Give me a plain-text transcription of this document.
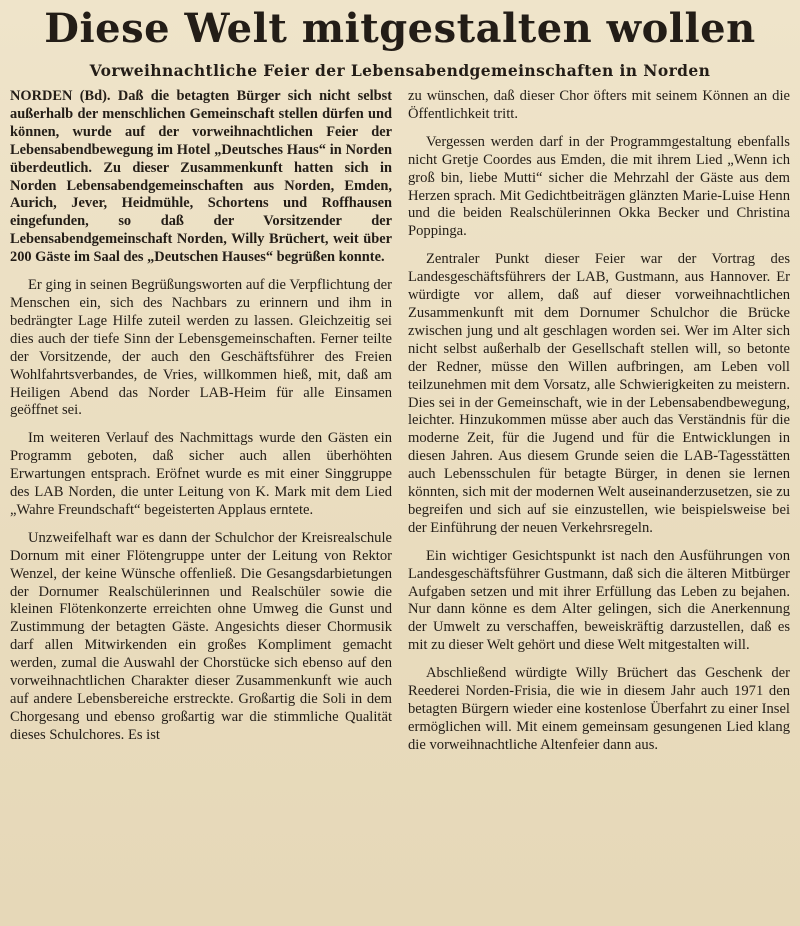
Diese Welt mitgestalten wollen
Vorweihnachtliche Feier der Lebensabendgemeinschaften in Norden

NORDEN (Bd). Daß die betagten Bürger sich nicht selbst außerhalb der menschlichen Gemeinschaft stellen dürfen und können, wurde auf der vorweihnachtlichen Feier der Lebensabendbewegung im Hotel „Deutsches Haus“ in Norden überdeutlich. Zu dieser Zusammenkunft hatten sich in Norden Lebensabendgemeinschaften aus Norden, Emden, Aurich, Jever, Heidmühle, Schortens und Roffhausen eingefunden, so daß der Vorsitzender der Lebensabendgemeinschaft Norden, Willy Brüchert, weit über 200 Gäste im Saal des „Deutschen Hauses“ begrüßen konnte.

Er ging in seinen Begrüßungsworten auf die Verpflichtung der Menschen ein, sich des Nachbars zu erinnern und ihm in bedrängter Lage Hilfe zuteil werden zu lassen. Gleichzeitig sei dies auch der tiefe Sinn der Lebensgemeinschaften. Ferner teilte der Vorsitzende, der auch den Geschäftsführer des Freien Wohlfahrtsverbandes, de Vries, willkommen hieß, mit, daß am Heiligen Abend das Norder LAB-Heim für alle Einsamen geöffnet sei.

Im weiteren Verlauf des Nachmittags wurde den Gästen ein Programm geboten, daß sicher auch allen überhöhten Erwartungen entsprach. Eröfnet wurde es mit einer Singgruppe des LAB Norden, die unter Leitung von K. Mark mit dem Lied „Wahre Freundschaft“ begeisterten Applaus erntete.

Unzweifelhaft war es dann der Schulchor der Kreisrealschule Dornum mit einer Flötengruppe unter der Leitung von Rektor Wenzel, der keine Wünsche offenließ. Die Gesangsdarbietungen der Dornumer Realschülerinnen und Realschüler sowie die kleinen Flötenkonzerte erreichten ohne Umweg die Gunst und Zustimmung der betagten Gäste. Angesichts dieser Chormusik darf allen Mitwirkenden ein großes Kompliment gemacht werden, zumal die Auswahl der Chorstücke sich ebenso auf den vorweihnachtlichen Charakter dieser Zusammenkunft wie auch auf andere Lebensbereiche erstreckte. Großartig die Soli in dem Chorgesang und ebenso großartig war die stimmliche Qualität dieses Schulchores. Es ist

zu wünschen, daß dieser Chor öfters mit seinem Können an die Öffentlichkeit tritt.

Vergessen werden darf in der Programmgestaltung ebenfalls nicht Gretje Coordes aus Emden, die mit ihrem Lied „Wenn ich groß bin, liebe Mutti“ sicher die Mehrzahl der Gäste aus dem Herzen sprach. Mit Gedichtbeiträgen glänzten Marie-Luise Henn und die beiden Realschülerinnen Okka Becker und Christina Poppinga.

Zentraler Punkt dieser Feier war der Vortrag des Landesgeschäftsführers der LAB, Gustmann, aus Hannover. Er würdigte vor allem, daß auf dieser vorweihnachtlichen Zusammenkunft mit dem Dornumer Schulchor die Brücke zwischen jung und alt geschlagen worden sei. Wer im Alter sich nicht selbst außerhalb der Gesellschaft stellen will, so betonte der Redner, müsse den Willen aufbringen, am Leben voll teilzunehmen mit dem Vorsatz, alle Schwierigkeiten zu meistern. Dies sei in der Gemeinschaft, wie in der Lebensabendbewegung, leichter. Hinzukommen müsse aber auch das Verständnis für die moderne Zeit, für die Jugend und für die Entwicklungen in diesen Jahren. Aus diesem Grunde seien die LAB-Tagesstätten auch Lebensschulen für betagte Bürger, in denen sie lernen könnten, sich mit der modernen Welt auseinanderzusetzen, sie zu begreifen und sich auf sie einzustellen, wie beispielsweise bei der Einführung der neuen Verkehrsregeln.

Ein wichtiger Gesichtspunkt ist nach den Ausführungen von Landesgeschäftsführer Gustmann, daß sich die älteren Mitbürger Aufgaben setzen und mit ihrer Erfüllung das Leben zu bejahen. Nur dann könne es dem Alter gelingen, sich die Anerkennung der Umwelt zu verschaffen, beweiskräftig darzustellen, daß es mit zu dieser Welt gehört und diese Welt mitgestalten will.

Abschließend würdigte Willy Brüchert das Geschenk der Reederei Norden-Frisia, die wie in diesem Jahr auch 1971 den betagten Bürgern wieder eine kostenlose Überfahrt zu einer Insel ermöglichen will. Mit einem gemeinsam gesungenen Lied klang die vorweihnachtliche Altenfeier dann aus.
